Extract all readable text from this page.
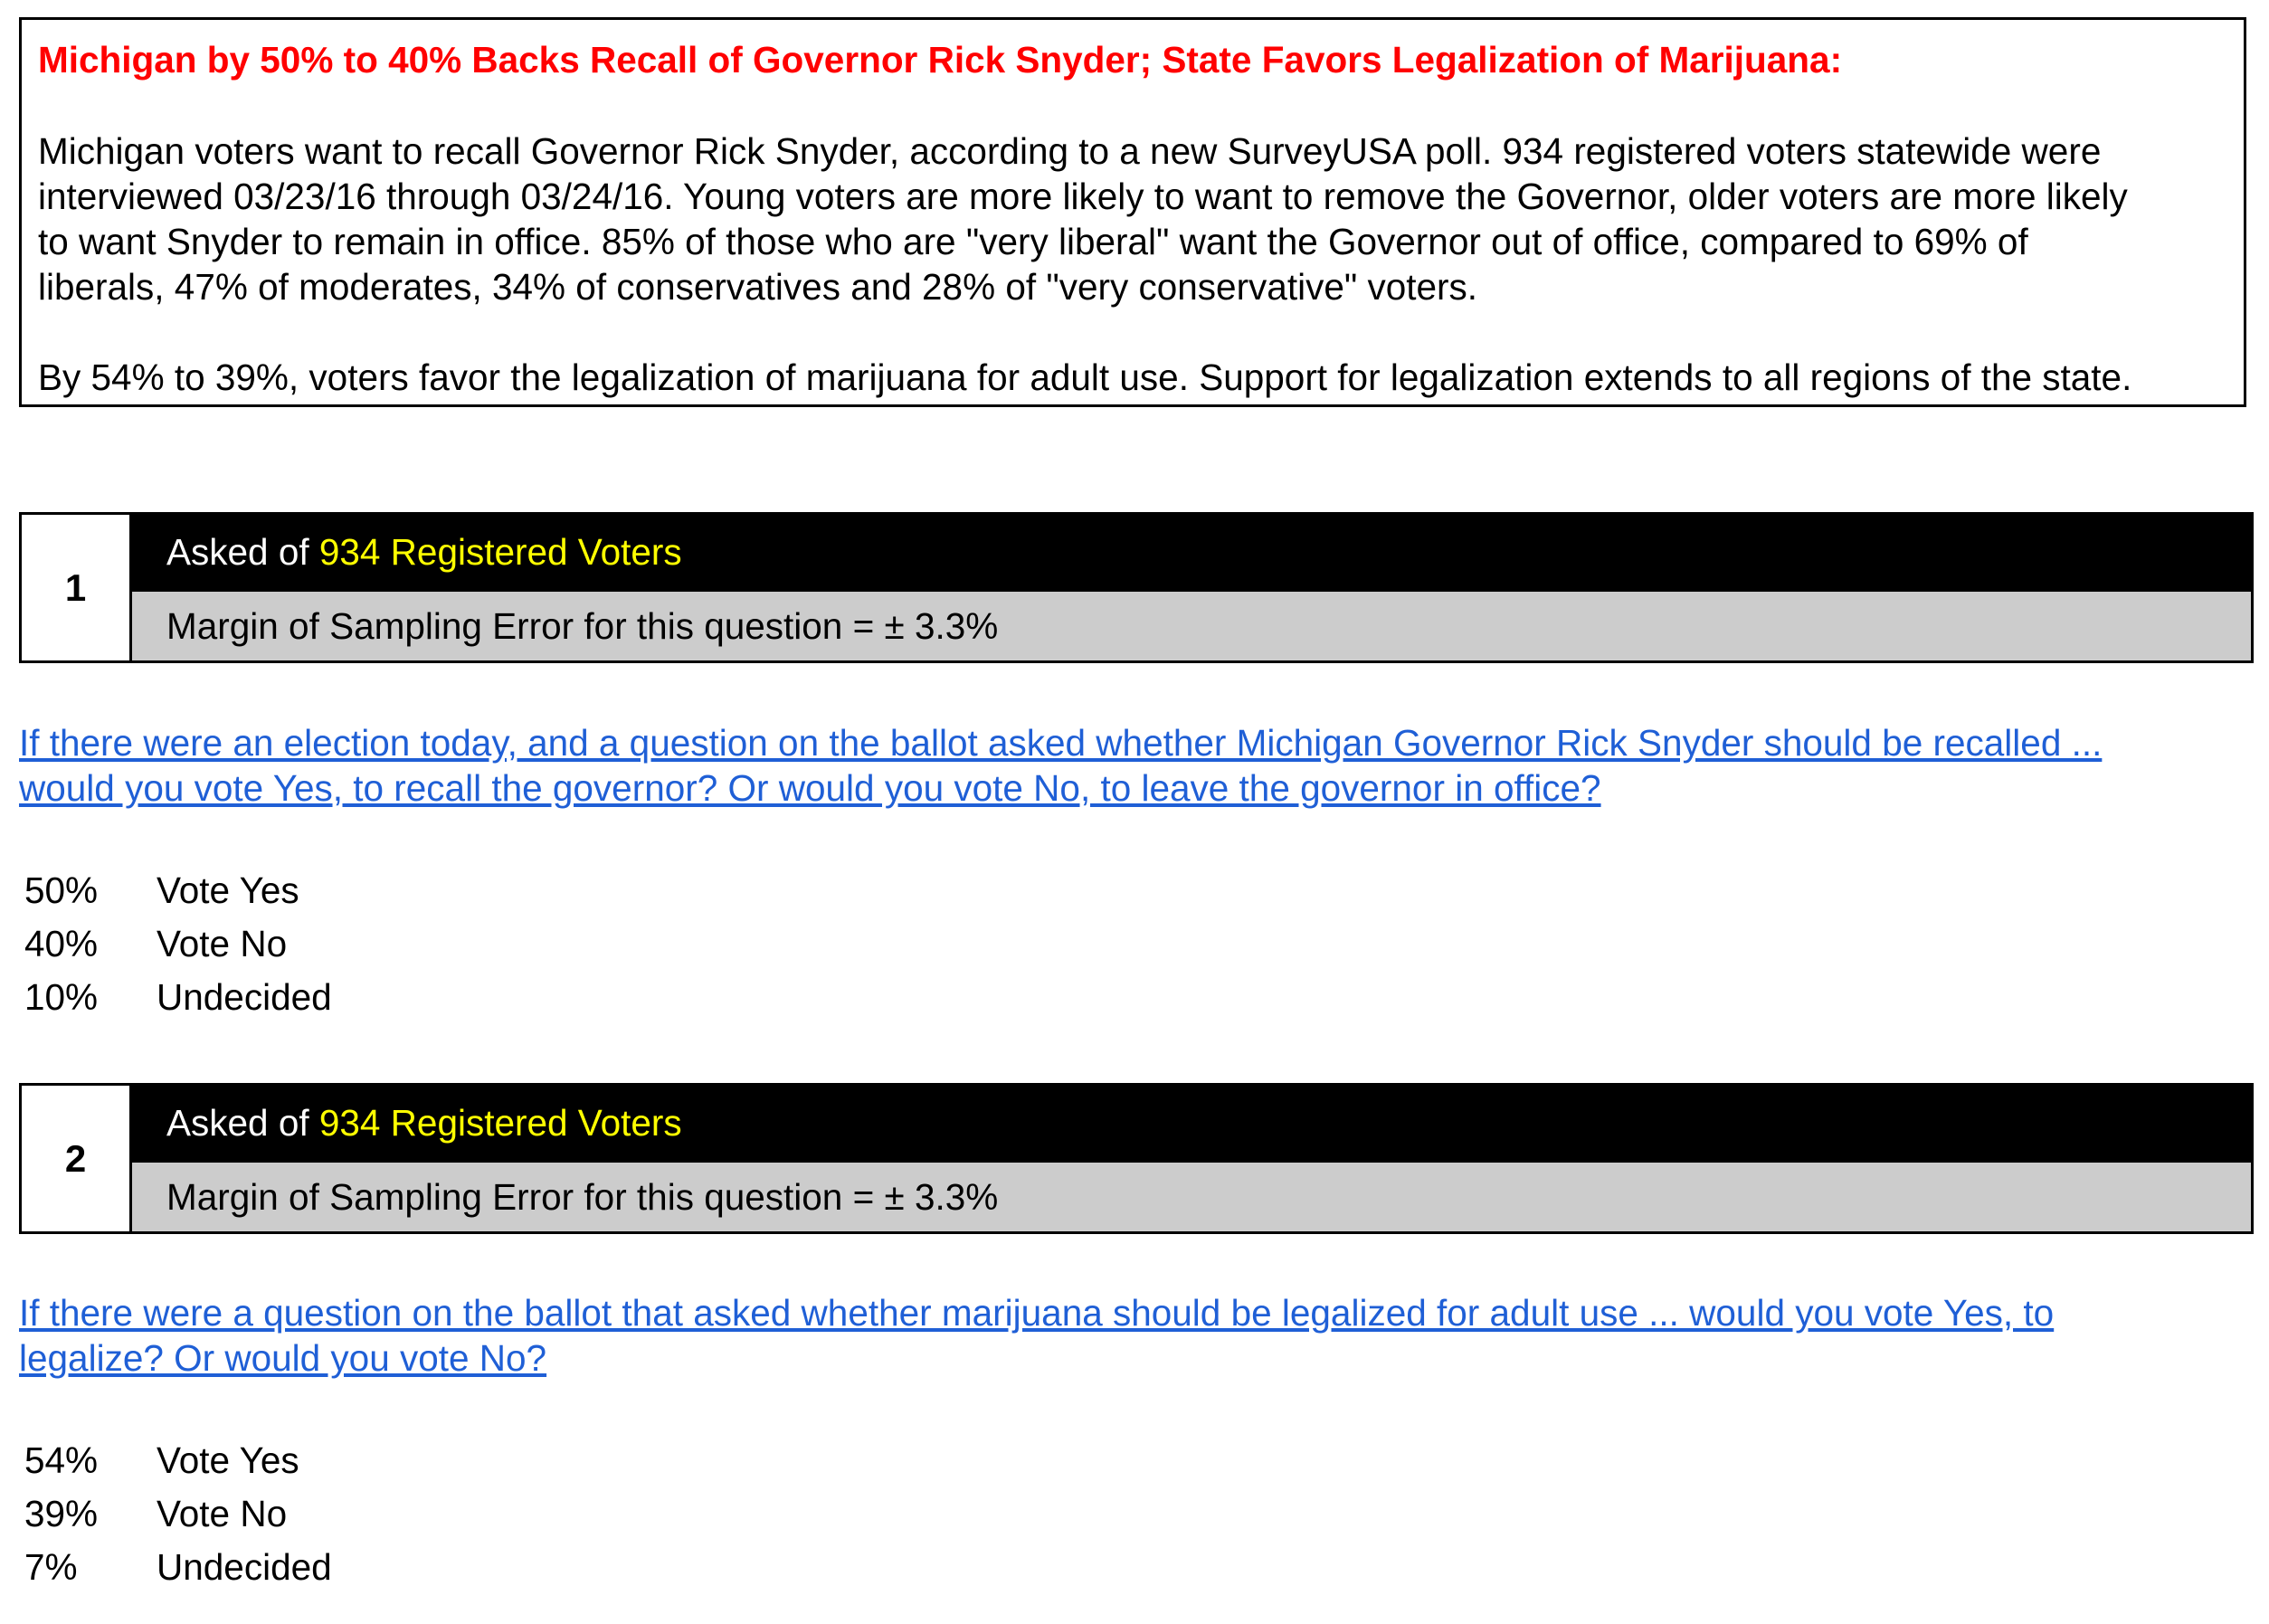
Michigan by 50% to 40% Backs Recall of Governor Rick Snyder; State Favors Legalization of Marijuana:

Michigan voters want to recall Governor Rick Snyder, according to a new SurveyUSA poll. 934 registered voters statewide were
interviewed 03/23/16 through 03/24/16. Young voters are more likely to want to remove the Governor, older voters are more likely
to want Snyder to remain in office. 85% of those who are "very liberal" want the Governor out of office, compared to 69% of
liberals, 47% of moderates, 34% of conservatives and 28% of "very conservative" voters.

By 54% to 39%, voters favor the legalization of marijuana for adult use. Support for legalization extends to all regions of the state.

1
Asked of 934 Registered Voters
Margin of Sampling Error for this question = ± 3.3%

If there were an election today, and a question on the ballot asked whether Michigan Governor Rick Snyder should be recalled ...
would you vote Yes, to recall the governor? Or would you vote No, to leave the governor in office?

50% Vote Yes
40% Vote No
10% Undecided
2
Asked of 934 Registered Voters
Margin of Sampling Error for this question = ± 3.3%

If there were a question on the ballot that asked whether marijuana should be legalized for adult use ... would you vote Yes, to
legalize? Or would you vote No?

54% Vote Yes
39% Vote No
7% Undecided
